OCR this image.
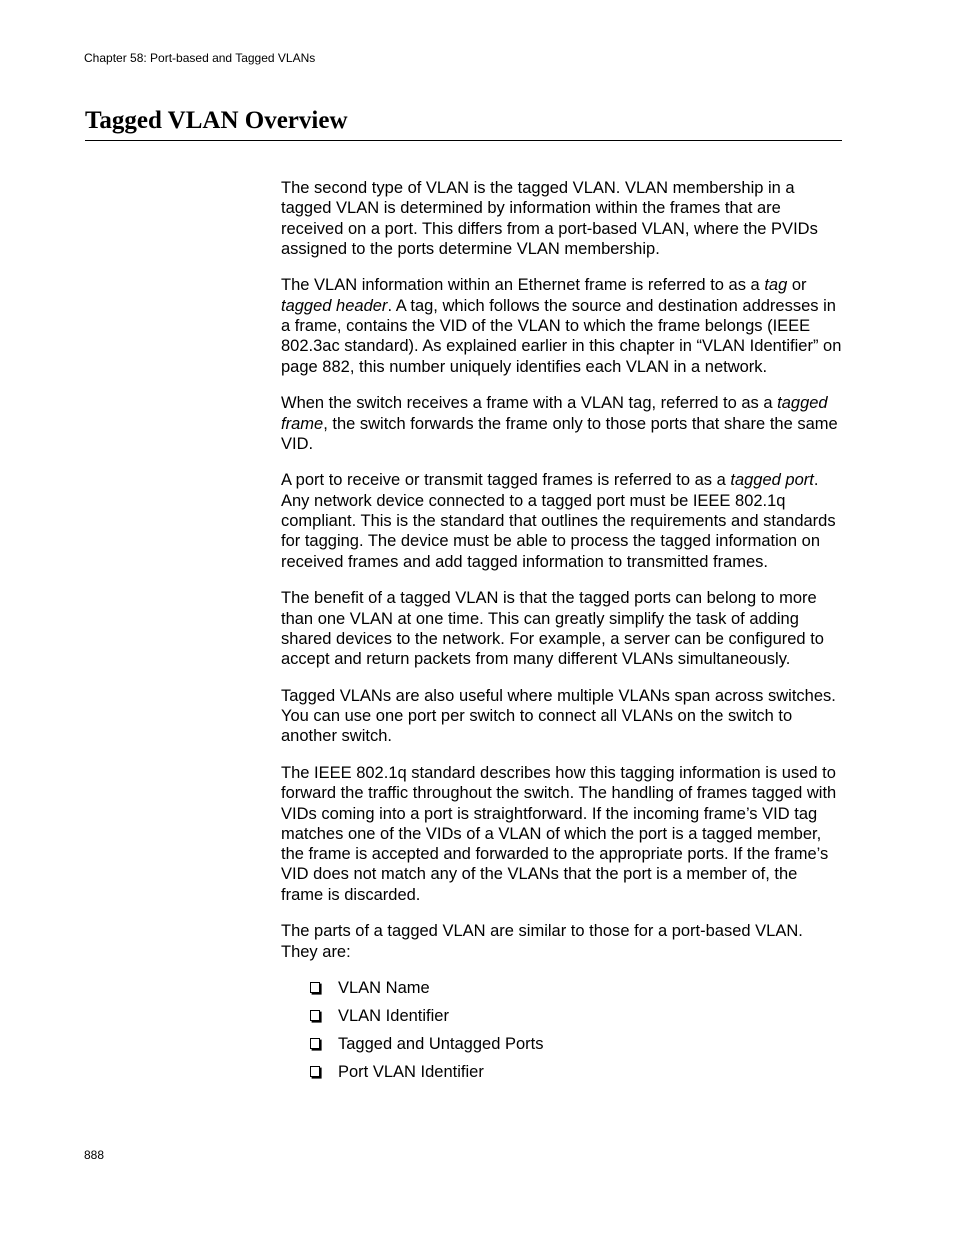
Chapter 58: Port-based and Tagged VLANs
Tagged VLAN Overview

The second type of VLAN is the tagged VLAN. VLAN membership in a tagged VLAN is determined by information within the frames that are received on a port. This differs from a port-based VLAN, where the PVIDs assigned to the ports determine VLAN membership.

The VLAN information within an Ethernet frame is referred to as a tag or tagged header. A tag, which follows the source and destination addresses in a frame, contains the VID of the VLAN to which the frame belongs (IEEE 802.3ac standard). As explained earlier in this chapter in “VLAN Identifier” on page 882, this number uniquely identifies each VLAN in a network.

When the switch receives a frame with a VLAN tag, referred to as a tagged frame, the switch forwards the frame only to those ports that share the same VID.

A port to receive or transmit tagged frames is referred to as a tagged port. Any network device connected to a tagged port must be IEEE 802.1q compliant. This is the standard that outlines the requirements and standards for tagging. The device must be able to process the tagged information on received frames and add tagged information to transmitted frames.

The benefit of a tagged VLAN is that the tagged ports can belong to more than one VLAN at one time. This can greatly simplify the task of adding shared devices to the network. For example, a server can be configured to accept and return packets from many different VLANs simultaneously.

Tagged VLANs are also useful where multiple VLANs span across switches. You can use one port per switch to connect all VLANs on the switch to another switch.

The IEEE 802.1q standard describes how this tagging information is used to forward the traffic throughout the switch. The handling of frames tagged with VIDs coming into a port is straightforward. If the incoming frame’s VID tag matches one of the VIDs of a VLAN of which the port is a tagged member, the frame is accepted and forwarded to the appropriate ports. If the frame’s VID does not match any of the VLANs that the port is a member of, the frame is discarded.

The parts of a tagged VLAN are similar to those for a port-based VLAN. They are:

VLAN Name
VLAN Identifier
Tagged and Untagged Ports
Port VLAN Identifier
888
